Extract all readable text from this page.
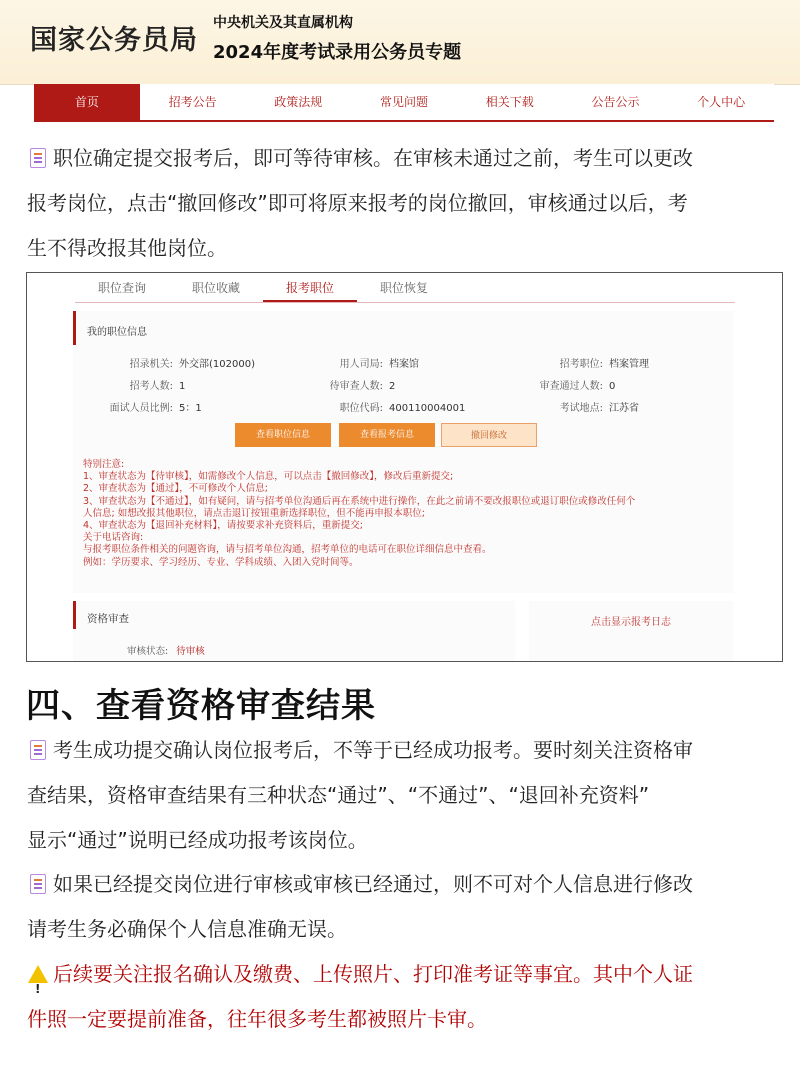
国家公务员局
中央机关及其直属机构
2024年度考试录用公务员专题
首页	招考公告	政策法规	常见问题	相关下载	公告公示	个人中心
职位确定提交报考后，即可等待审核。在审核未通过之前，考生可以更改
报考岗位，点击“撤回修改”即可将原来报考的岗位撤回，审核通过以后，考
生不得改报其他岗位。
职位查询	职位收藏	报考职位	职位恢复
我的职位信息
招录机关: 外交部(102000)	用人司局: 档案馆	招考职位: 档案管理
招考人数: 1	待审查人数: 2	审查通过人数: 0
面试人员比例: 5：1	职位代码: 400110004001	考试地点: 江苏省
查看职位信息	查看报考信息	撤回修改
特别注意:
1、审查状态为【待审核】，如需修改个人信息，可以点击【撤回修改】，修改后重新提交;
2、审查状态为【通过】，不可修改个人信息;
3、审查状态为【不通过】，如有疑问，请与招考单位沟通后再在系统中进行操作，在此之前请不要改报职位或退订职位或修改任何个
人信息; 如想改报其他职位，请点击退订按钮重新选择职位，但不能再申报本职位;
4、审查状态为【退回补充材料】，请按要求补充资料后，重新提交;
关于电话咨询:
与报考职位条件相关的问题咨询，请与招考单位沟通，招考单位的电话可在职位详细信息中查看。
例如：学历要求、学习经历、专业、学科成绩、入团入党时间等。
资格审查
审核状态: 待审核
点击显示报考日志
四、查看资格审查结果
考生成功提交确认岗位报考后，不等于已经成功报考。要时刻关注资格审
查结果，资格审查结果有三种状态“通过”、“不通过”、“退回补充资料”
显示“通过”说明已经成功报考该岗位。
如果已经提交岗位进行审核或审核已经通过，则不可对个人信息进行修改
请考生务必确保个人信息准确无误。
!
后续要关注报名确认及缴费、上传照片、打印准考证等事宜。其中个人证
件照一定要提前准备，往年很多考生都被照片卡审。
